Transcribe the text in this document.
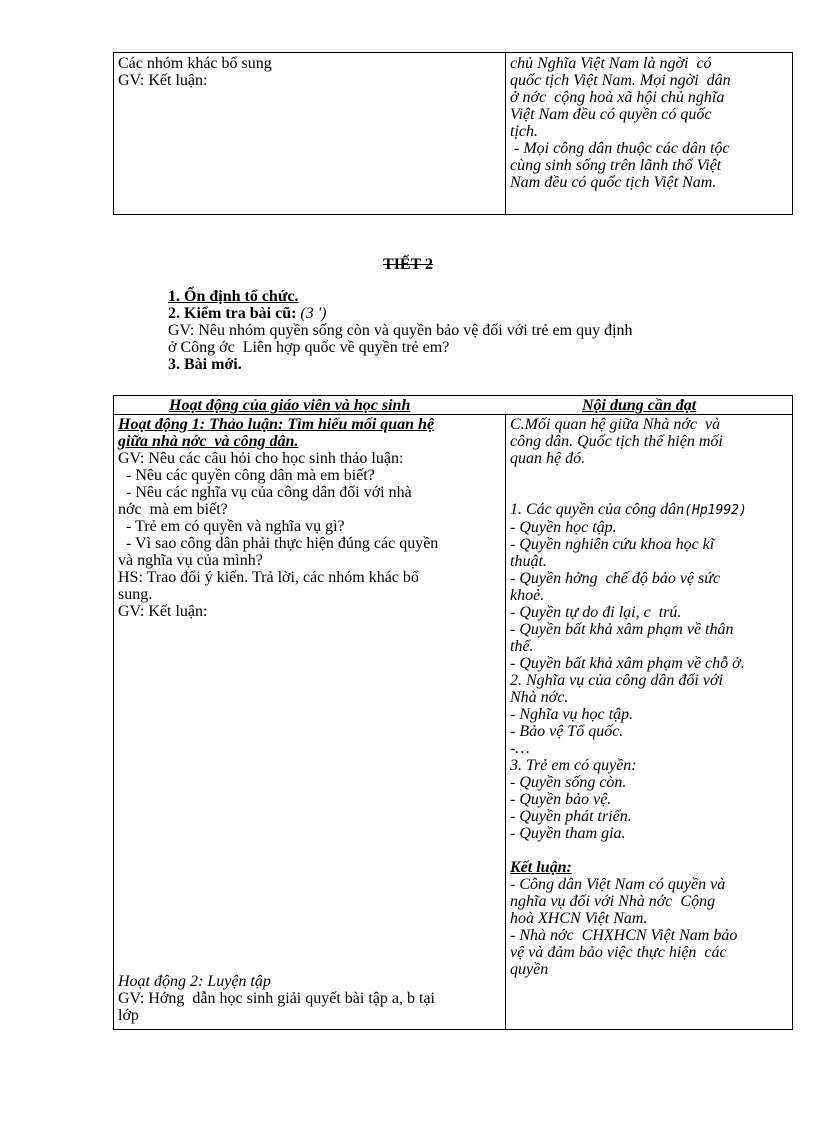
Các nhóm khác bổ sung
GV: Kết luận:
chủ Nghĩa Việt Nam là ngời  có
quốc tịch Việt Nam. Mọi ngời  dân
ở nớc  cộng hoà xã hội chủ nghĩa
Việt Nam đều có quyền có quốc
tịch.
- Mọi công dân thuộc các dân tộc
cùng sinh sống trên lãnh thổ Việt
Nam đều có quốc tịch Việt Nam.
TIẾT 2
1. Ổn định tổ chức.
2. Kiểm tra bài cũ: (3 ')
GV: Nêu nhóm quyền sống còn và quyền bảo vệ đối với trẻ em quy định
ở Công ớc  Liên hợp quốc về quyền trẻ em?
3. Bài mới.
Hoạt động của giáo viên và học sinh	Nội dung cần đạt
Hoạt động 1: Thảo luận: Tìm hiểu mối quan hệ
giữa nhà nớc  và công dân.
GV: Nêu các câu hỏi cho học sinh thảo luận:
- Nêu các quyền công dân mà em biết?
- Nêu các nghĩa vụ của công dân đối với nhà
nớc  mà em biết?
- Trẻ em có quyền và nghĩa vụ gì?
- Vì sao công dân phải thực hiện đúng các quyền
và nghĩa vụ của mình?
HS: Trao đổi ý kiến. Trả lời, các nhóm khác bổ
sung.
GV: Kết luận:
Hoạt động 2: Luyện tập
GV: Hớng  dẫn học sinh giải quyết bài tập a, b tại
lớp
C.Mối quan hệ giữa Nhà nớc  và
công dân. Quốc tịch thể hiện mối
quan hệ đó.
1. Các quyền của công dân(Hp1992)
- Quyền học tập.
- Quyền nghiên cứu khoa học kĩ
thuật.
- Quyền hởng  chế độ bảo vệ sức
khoẻ.
- Quyền tự do đi lại, c  trú.
- Quyền bất khả xâm phạm về thân
thể.
- Quyền bất khả xâm phạm về chỗ ở.
2. Nghĩa vụ của công dân đối với
Nhà nớc.
- Nghĩa vụ học tập.
- Bảo vệ Tổ quốc.
-…
3. Trẻ em có quyền:
- Quyền sống còn.
- Quyền bảo vệ.
- Quyền phát triển.
- Quyền tham gia.
Kết luận:
- Công dân Việt Nam có quyền và
nghĩa vụ đối với Nhà nớc  Cộng
hoà XHCN Việt Nam.
- Nhà nớc  CHXHCN Việt Nam bảo
vệ và đảm bảo việc thực hiện  các
quyền
